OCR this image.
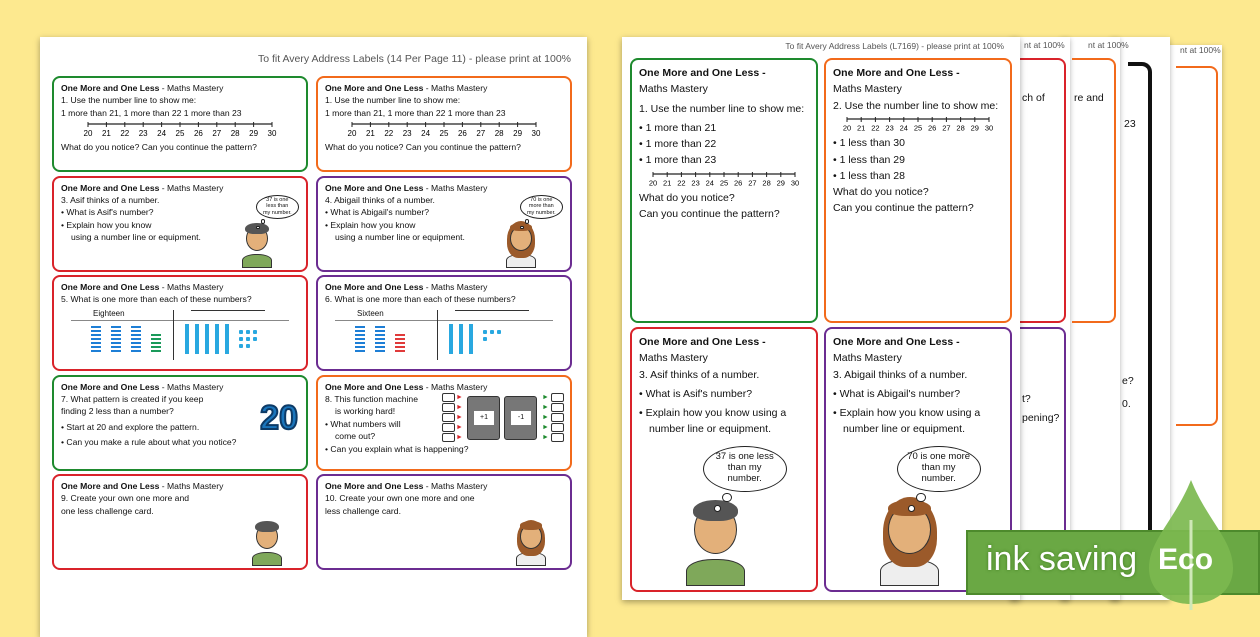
nt at 100%	nt at 100%	nt at 100%
ch of	re and
23
t?
pening?
e?
0.
To fit Avery Address Labels (14 Per Page 11) - please print at 100%
One More and One Less - Maths Mastery
1. Use the number line to show me:
1 more than 21, 1 more than 22 1 more than 23
20 21 22 23 24 25 26 27 28 29 30
What do you notice? Can you continue the pattern?
One More and One Less - Maths Mastery
1. Use the number line to show me:
1 more than 21, 1 more than 22 1 more than 23
20 21 22 23 24 25 26 27 28 29 30
What do you notice? Can you continue the pattern?
One More and One Less - Maths Mastery
3. Asif thinks of a number.
• What is Asif's number?
• Explain how you know
using a number line or equipment.
37 is one less than my number.
One More and One Less - Maths Mastery
4. Abigail thinks of a number.
• What is Abigail's number?
• Explain how you know
using a number line or equipment.
70 is one more than my number.
One More and One Less - Maths Mastery
5. What is one more than each of these numbers?
Eighteen
One More and One Less - Maths Mastery
6. What is one more than each of these numbers?
Sixteen
One More and One Less - Maths Mastery
7. What pattern is created if you keep
finding 2 less than a number?
• Start at 20 and explore the pattern.
• Can you make a rule about what you notice?
20
One More and One Less - Maths Mastery
8. This function machine
is working hard!
• What numbers will
come out?
• Can you explain what is happening?
►	►
►	►
►	►
►	►
►	►
+1	-1
One More and One Less - Maths Mastery
9. Create your own one more and
one less challenge card.
One More and One Less - Maths Mastery
10. Create your own one more and one
less challenge card.
To fit Avery Address Labels (L7169) - please print at 100%
One More and One Less -
Maths Mastery
1. Use the number line to show me:
• 1 more than 21
• 1 more than 22
• 1 more than 23
20 21 22 23 24 25 26 27 28 29 30
What do you notice?
Can you continue the pattern?
One More and One Less -
Maths Mastery
2. Use the number line to show me:
20 21 22 23 24 25 26 27 28 29 30
• 1 less than 30
• 1 less than 29
• 1 less than 28
What do you notice?
Can you continue the pattern?
One More and One Less -
Maths Mastery
3. Asif thinks of a number.
• What is Asif's number?
• Explain how you know using a
number line or equipment.
37 is one less than my number.
One More and One Less -
Maths Mastery
3. Abigail thinks of a number.
• What is Abigail's number?
• Explain how you know using a
number line or equipment.
70 is one more than my number.
ink saving Eco
